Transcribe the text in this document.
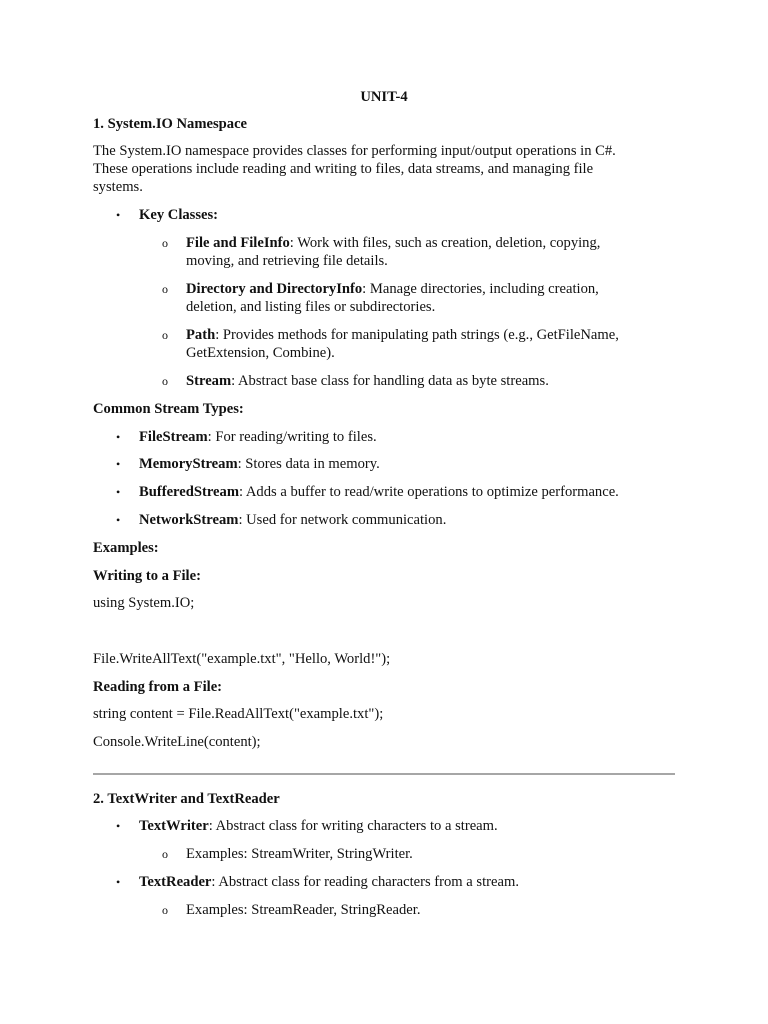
UNIT-4
1. System.IO Namespace
The System.IO namespace provides classes for performing input/output operations in C#.
These operations include reading and writing to files, data streams, and managing file
systems.
• Key Classes:
o File and FileInfo: Work with files, such as creation, deletion, copying,
moving, and retrieving file details.
o Directory and DirectoryInfo: Manage directories, including creation,
deletion, and listing files or subdirectories.
o Path: Provides methods for manipulating path strings (e.g., GetFileName,
GetExtension, Combine).
o Stream: Abstract base class for handling data as byte streams.
Common Stream Types:
• FileStream: For reading/writing to files.
• MemoryStream: Stores data in memory.
• BufferedStream: Adds a buffer to read/write operations to optimize performance.
• NetworkStream: Used for network communication.
Examples:
Writing to a File:
using System.IO;
File.WriteAllText("example.txt", "Hello, World!");
Reading from a File:
string content = File.ReadAllText("example.txt");
Console.WriteLine(content);
2. TextWriter and TextReader
• TextWriter: Abstract class for writing characters to a stream.
o Examples: StreamWriter, StringWriter.
• TextReader: Abstract class for reading characters from a stream.
o Examples: StreamReader, StringReader.
